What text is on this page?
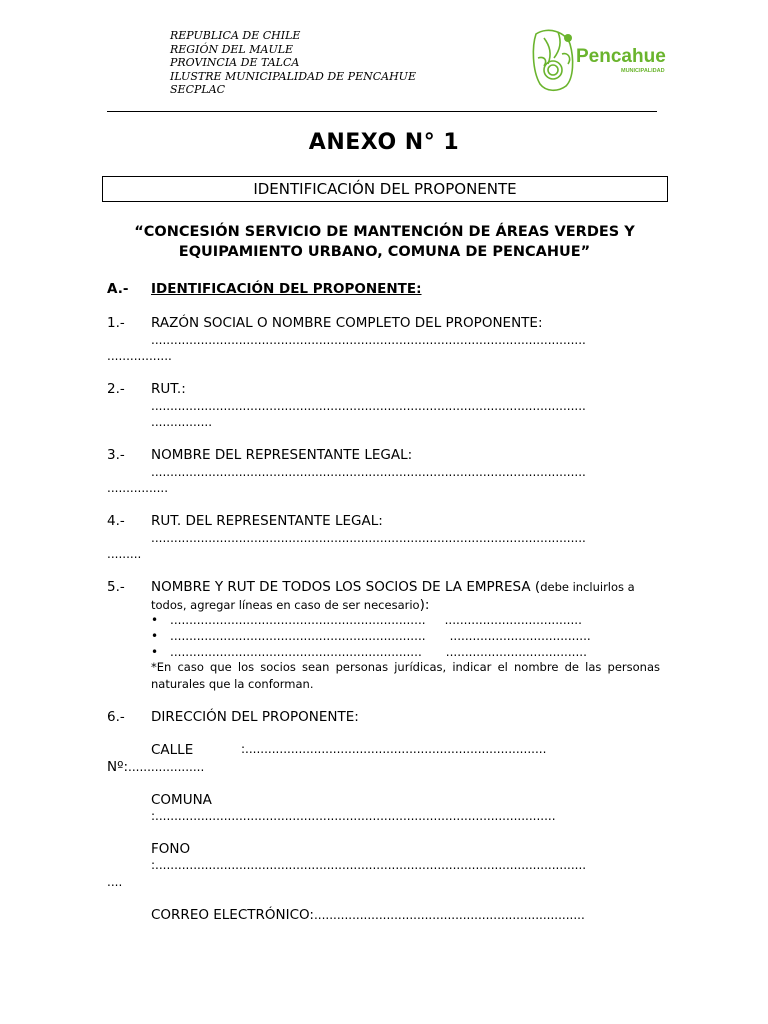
REPUBLICA DE CHILE
REGIÓN DEL MAULE
PROVINCIA DE TALCA
ILUSTRE MUNICIPALIDAD DE PENCAHUE
SECPLAC
Pencahue
MUNICIPALIDAD
ANEXO N° 1
IDENTIFICACIÓN DEL PROPONENTE
“CONCESIÓN SERVICIO DE MANTENCIÓN DE ÁREAS VERDES Y
EQUIPAMIENTO URBANO, COMUNA DE PENCAHUE”
A.- IDENTIFICACIÓN DEL PROPONENTE:
1.- RAZÓN SOCIAL O NOMBRE COMPLETO DEL PROPONENTE:
..................................................................................................................
.................
2.- RUT.:
..................................................................................................................
................
3.- NOMBRE DEL REPRESENTANTE LEGAL:
..................................................................................................................
................
4.- RUT. DEL REPRESENTANTE LEGAL:
..................................................................................................................
.........
5.- NOMBRE Y RUT DE TODOS LOS SOCIOS DE LA EMPRESA (debe incluirlos a
todos, agregar líneas en caso de ser necesario):
• ................................................................... ....................................
• ................................................................... .....................................
• .................................................................. .....................................
*En caso que los socios sean personas jurídicas, indicar el nombre de las personas
naturales que la conforman.
6.- DIRECCIÓN DEL PROPONENTE:
CALLE	:...............................................................................
Nº:....................
COMUNA
:.........................................................................................................
FONO
:.................................................................................................................
....
CORREO ELECTRÓNICO:.......................................................................
